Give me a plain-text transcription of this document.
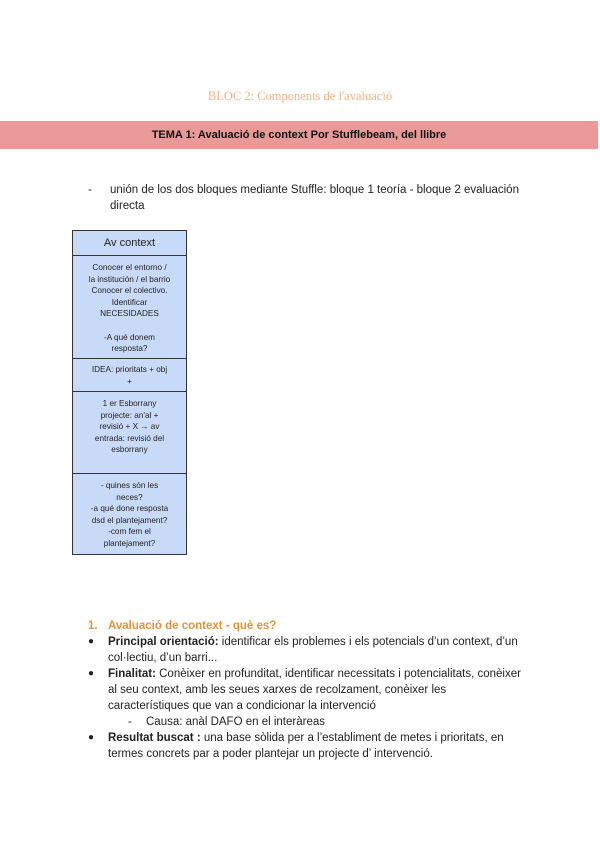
BLOC 2: Components de l'avaluació
TEMA 1: Avaluació de context Por Stufflebeam, del llibre
-	unión de los dos bloques mediante Stuffle: bloque 1 teoría - bloque 2 evaluación directa
Av context
Conocer el entorno /
la institución / el barrio
Conocer el colectivo.
Identificar
NECESIDADES

-A qué donem
resposta?
IDEA: prioritats + obj
+
1 er Esborrany
projecte: an'al +
revisió + X → av
entrada: revisió del
esborrany
- quines són les
neces?
-a qué done resposta
dsd el plantejament?
-com fem el
plantejament?
1. Avaluació de context - què es?
●	Principal orientació: identificar els problemes i els potencials d’un context, d’un col·lectiu, d’un barri...
●	Finalitat: Conèixer en profunditat, identificar necessitats i potencialitats, conèixer al seu context, amb les seues xarxes de recolzament, conèixer les característiques que van a condicionar la intervenció
-	Causa: anàl DAFO en el interàreas
●	Resultat buscat : una base sòlida per a l’establiment de metes i prioritats, en termes concrets par a poder plantejar un projecte d’ intervenció.
